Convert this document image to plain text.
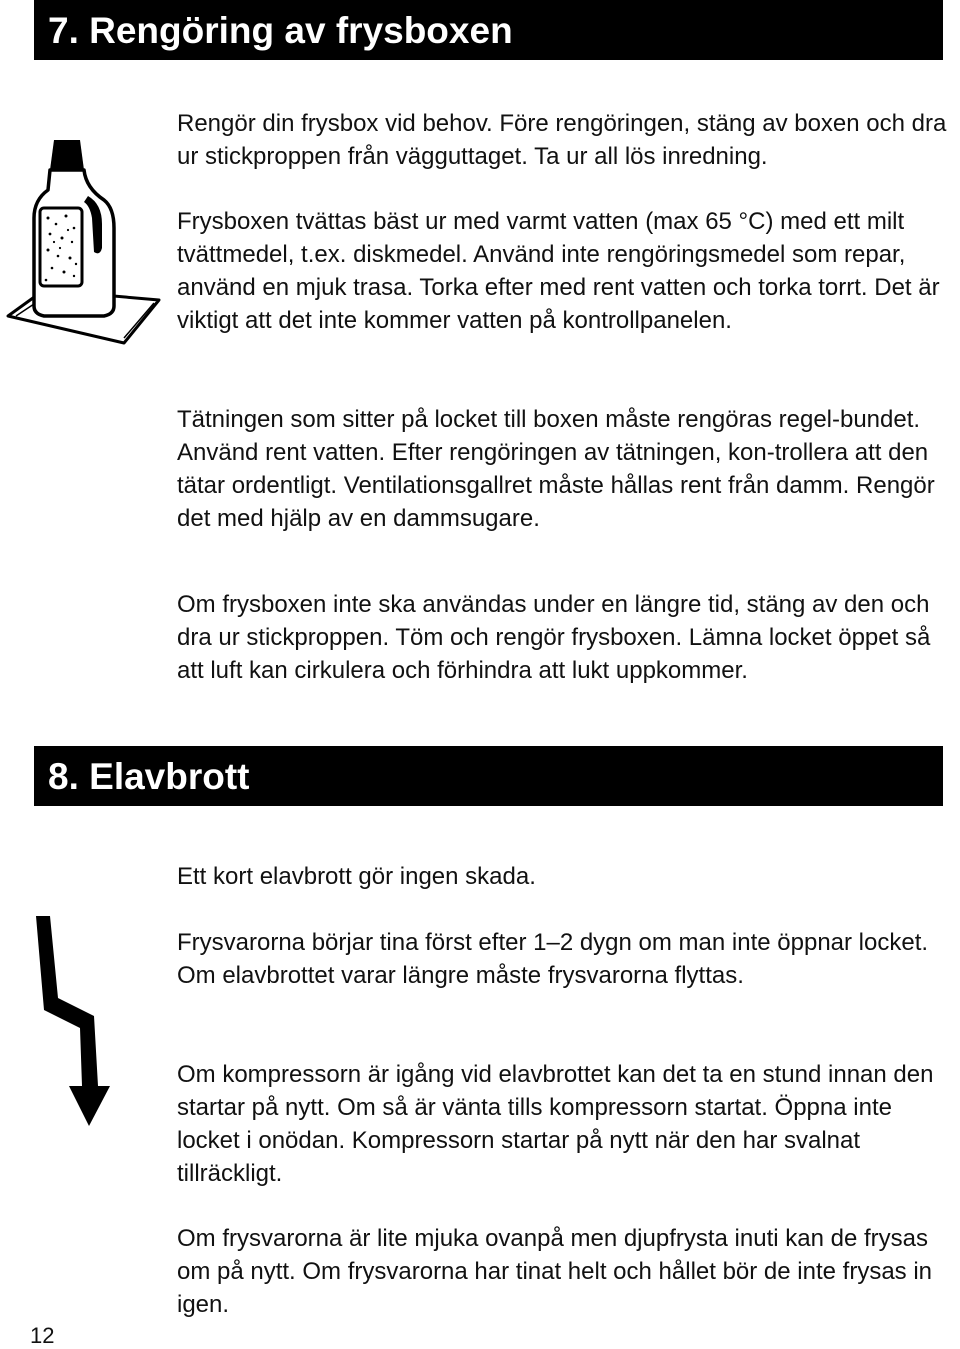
7. Rengöring av frysboxen

Rengör din frysbox vid behov. Före rengöringen, stäng av boxen och dra ur stickproppen från vägguttaget. Ta ur all lös inredning.

Frysboxen tvättas bäst ur med varmt vatten (max 65 °C) med ett milt tvättmedel, t.ex. diskmedel. Använd inte rengöringsmedel som repar, använd en mjuk trasa. Torka efter med rent vatten och torka torrt. Det är viktigt att det inte kommer vatten på kontrollpanelen.

Tätningen som sitter på locket till boxen måste rengöras regel-bundet. Använd rent vatten. Efter rengöringen av tätningen, kon-trollera att den tätar ordentligt. Ventilationsgallret måste hållas rent från damm. Rengör det med hjälp av en dammsugare.

Om frysboxen inte ska användas under en längre tid, stäng av den och dra ur stickproppen. Töm och rengör frysboxen. Lämna locket öppet så att luft kan cirkulera och förhindra att lukt uppkommer.

8. Elavbrott

Ett kort elavbrott gör ingen skada.

Frysvarorna börjar tina först efter 1–2 dygn om man inte öppnar locket. Om elavbrottet varar längre måste frysvarorna flyttas.

Om kompressorn är igång vid elavbrottet kan det ta en stund innan den startar på nytt. Om så är vänta tills kompressorn startat. Öppna inte locket i onödan. Kompressorn startar på nytt när den har svalnat tillräckligt.

Om frysvarorna är lite mjuka ovanpå men djupfrysta inuti kan de frysas om på nytt. Om frysvarorna har tinat helt och hållet bör de inte frysas in igen.

12
